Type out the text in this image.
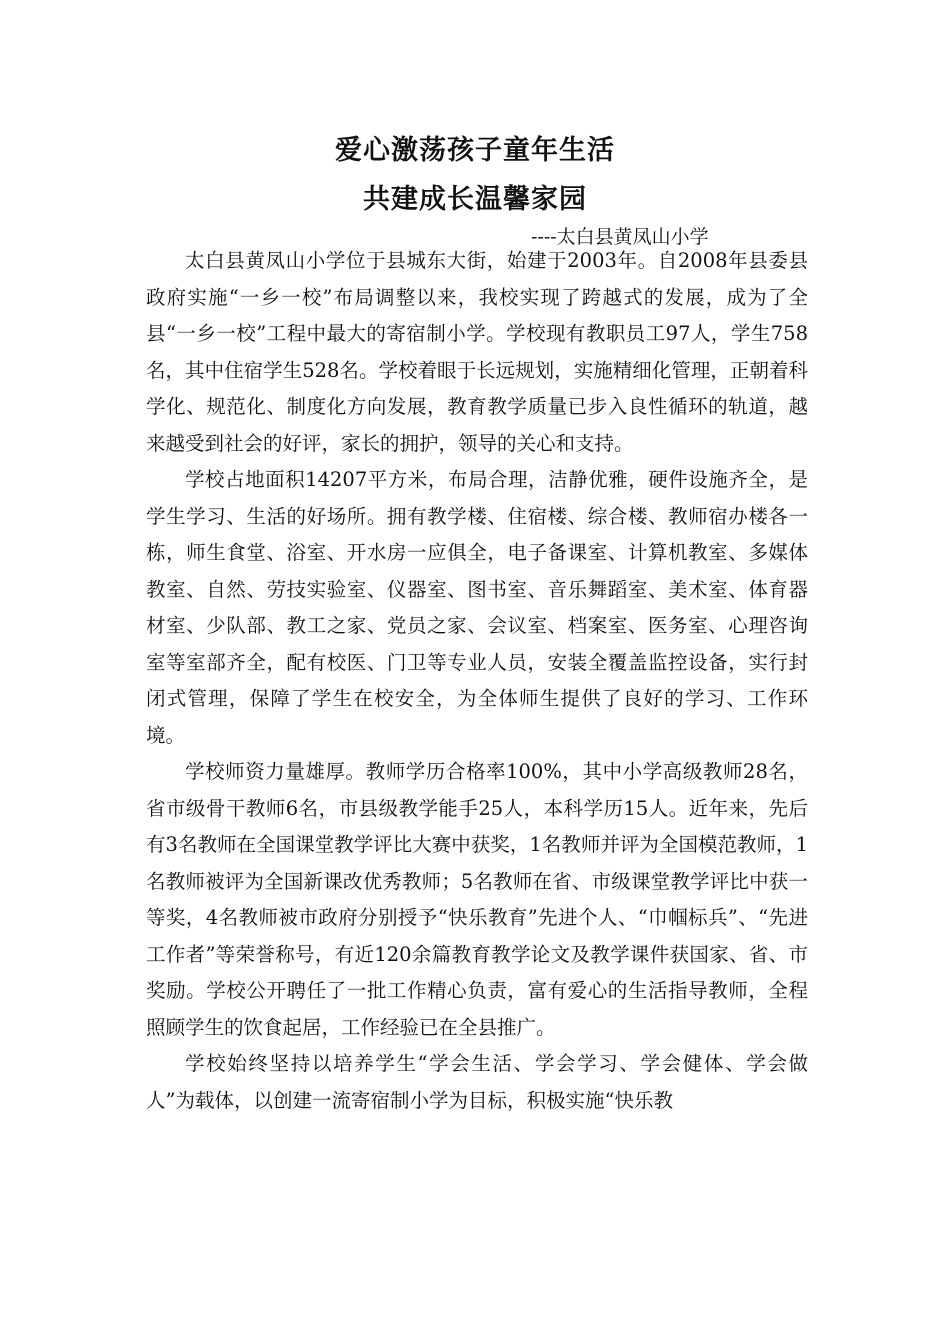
爱心激荡孩子童年生活
共建成长温馨家园
----太白县黄凤山小学

太白县黄凤山小学位于县城东大街，始建于2003年。自2008年县委县政府实施“一乡一校”布局调整以来，我校实现了跨越式的发展，成为了全县“一乡一校”工程中最大的寄宿制小学。学校现有教职员工97人，学生758名，其中住宿学生528名。学校着眼于长远规划，实施精细化管理，正朝着科学化、规范化、制度化方向发展，教育教学质量已步入良性循环的轨道，越来越受到社会的好评，家长的拥护，领导的关心和支持。

学校占地面积14207平方米，布局合理，洁静优雅，硬件设施齐全，是学生学习、生活的好场所。拥有教学楼、住宿楼、综合楼、教师宿办楼各一栋，师生食堂、浴室、开水房一应俱全，电子备课室、计算机教室、多媒体教室、自然、劳技实验室、仪器室、图书室、音乐舞蹈室、美术室、体育器材室、少队部、教工之家、党员之家、会议室、档案室、医务室、心理咨询室等室部齐全，配有校医、门卫等专业人员，安装全覆盖监控设备，实行封闭式管理，保障了学生在校安全，为全体师生提供了良好的学习、工作环境。

学校师资力量雄厚。教师学历合格率100%，其中小学高级教师28名，省市级骨干教师6名，市县级教学能手25人，本科学历15人。近年来，先后有3名教师在全国课堂教学评比大赛中获奖，1名教师并评为全国模范教师，1名教师被评为全国新课改优秀教师；5名教师在省、市级课堂教学评比中获一等奖，4名教师被市政府分别授予“快乐教育”先进个人、“巾帼标兵”、“先进工作者”等荣誉称号，有近120余篇教育教学论文及教学课件获国家、省、市奖励。学校公开聘任了一批工作精心负责，富有爱心的生活指导教师，全程照顾学生的饮食起居，工作经验已在全县推广。

学校始终坚持以培养学生“学会生活、学会学习、学会健体、学会做人”为载体，以创建一流寄宿制小学为目标，积极实施“快乐教
